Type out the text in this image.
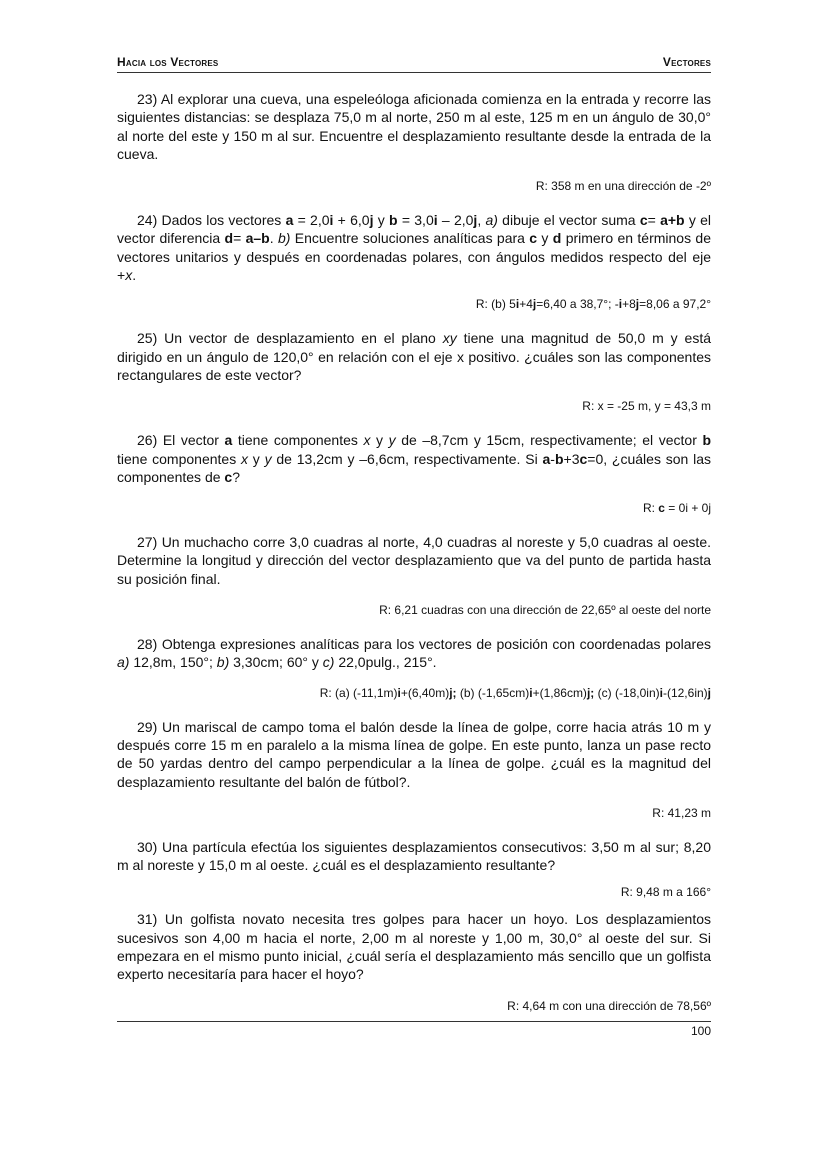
Hacia los Vectores	Vectores

23) Al explorar una cueva, una espeleóloga aficionada comienza en la entrada y recorre las siguientes distancias: se desplaza 75,0 m al norte, 250 m al este, 125 m en un ángulo de 30,0° al norte del este y 150 m al sur. Encuentre el desplazamiento resultante desde la entrada de la cueva.

R: 358 m en una dirección de -2º

24) Dados los vectores a = 2,0i + 6,0j y b = 3,0i – 2,0j, a) dibuje el vector suma c= a+b y el vector diferencia d= a–b. b) Encuentre soluciones analíticas para c y d primero en términos de vectores unitarios y después en coordenadas polares, con ángulos medidos respecto del eje +x.

R: (b) 5i+4j=6,40 a 38,7°; -i+8j=8,06 a 97,2°

25) Un vector de desplazamiento en el plano xy tiene una magnitud de 50,0 m y está dirigido en un ángulo de 120,0° en relación con el eje x positivo. ¿cuáles son las componentes rectangulares de este vector?

R: x = -25 m, y = 43,3 m

26) El vector a tiene componentes x y y de –8,7cm y 15cm, respectivamente; el vector b tiene componentes x y y de 13,2cm y –6,6cm, respectivamente. Si a-b+3c=0, ¿cuáles son las componentes de c?

R: c = 0i + 0j

27) Un muchacho corre 3,0 cuadras al norte, 4,0 cuadras al noreste y 5,0 cuadras al oeste. Determine la longitud y dirección del vector desplazamiento que va del punto de partida hasta su posición final.

R: 6,21 cuadras con una dirección de 22,65º al oeste del norte

28) Obtenga expresiones analíticas para los vectores de posición con coordenadas polares a) 12,8m, 150°; b) 3,30cm; 60° y c) 22,0pulg., 215°.

R: (a) (-11,1m)i+(6,40m)j; (b) (-1,65cm)i+(1,86cm)j; (c) (-18,0in)i-(12,6in)j

29) Un mariscal de campo toma el balón desde la línea de golpe, corre hacia atrás 10 m y después corre 15 m en paralelo a la misma línea de golpe. En este punto, lanza un pase recto de 50 yardas dentro del campo perpendicular a la línea de golpe. ¿cuál es la magnitud del desplazamiento resultante del balón de fútbol?.

R: 41,23 m

30) Una partícula efectúa los siguientes desplazamientos consecutivos: 3,50 m al sur; 8,20 m al noreste y 15,0 m al oeste. ¿cuál es el desplazamiento resultante?

R: 9,48 m a 166°

31) Un golfista novato necesita tres golpes para hacer un hoyo. Los desplazamientos sucesivos son 4,00 m hacia el norte, 2,00 m al noreste y 1,00 m, 30,0° al oeste del sur. Si empezara en el mismo punto inicial, ¿cuál sería el desplazamiento más sencillo que un golfista experto necesitaría para hacer el hoyo?

R: 4,64 m con una dirección de 78,56º

100
